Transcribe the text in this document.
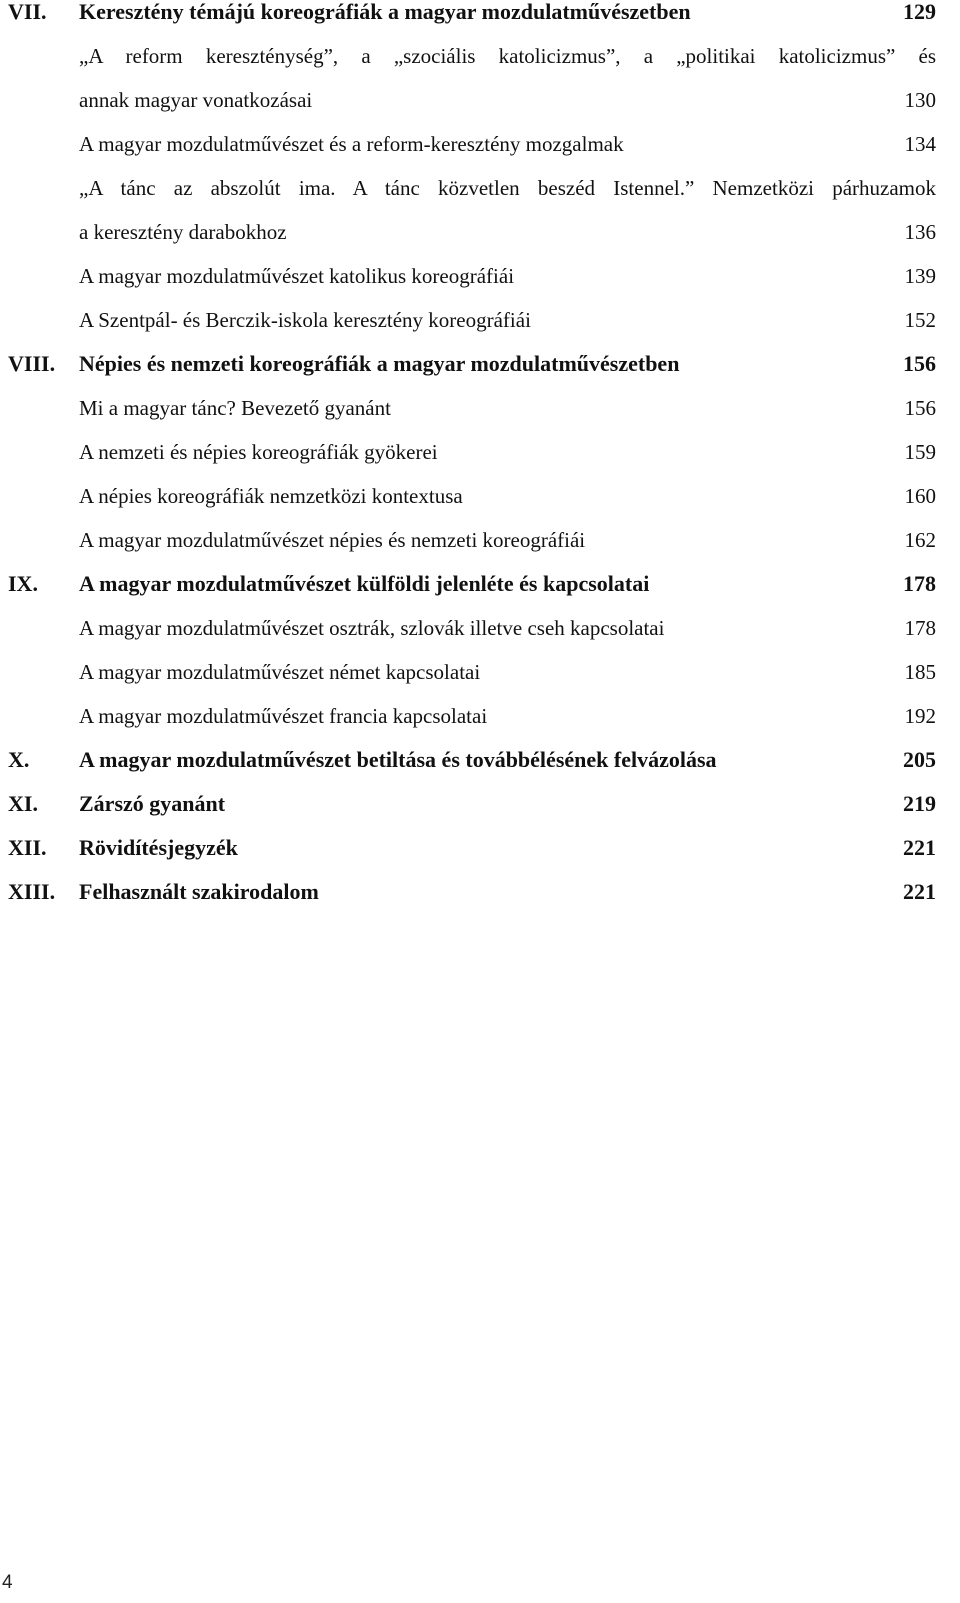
VII. Keresztény témájú koreográfiák a magyar mozdulatművészetben	129
„A reform kereszténység”, a „szociális katolicizmus”, a „politikai katolicizmus” és
annak magyar vonatkozásai	130
A magyar mozdulatművészet és a reform-keresztény mozgalmak	134
„A tánc az abszolút ima. A tánc közvetlen beszéd Istennel.” Nemzetközi párhuzamok
a keresztény darabokhoz	136
A magyar mozdulatművészet katolikus koreográfiái	139
A Szentpál- és Berczik-iskola keresztény koreográfiái	152
VIII. Népies és nemzeti koreográfiák a magyar mozdulatművészetben	156
Mi a magyar tánc? Bevezető gyanánt	156
A nemzeti és népies koreográfiák gyökerei	159
A népies koreográfiák nemzetközi kontextusa	160
A magyar mozdulatművészet népies és nemzeti koreográfiái	162
IX. A magyar mozdulatművészet külföldi jelenléte és kapcsolatai	178
A magyar mozdulatművészet osztrák, szlovák illetve cseh kapcsolatai	178
A magyar mozdulatművészet német kapcsolatai	185
A magyar mozdulatművészet francia kapcsolatai	192
X. A magyar mozdulatművészet betiltása és továbbélésének felvázolása	205
XI. Zárszó gyanánt	219
XII. Rövidítésjegyzék	221
XIII. Felhasznált szakirodalom	221
4
